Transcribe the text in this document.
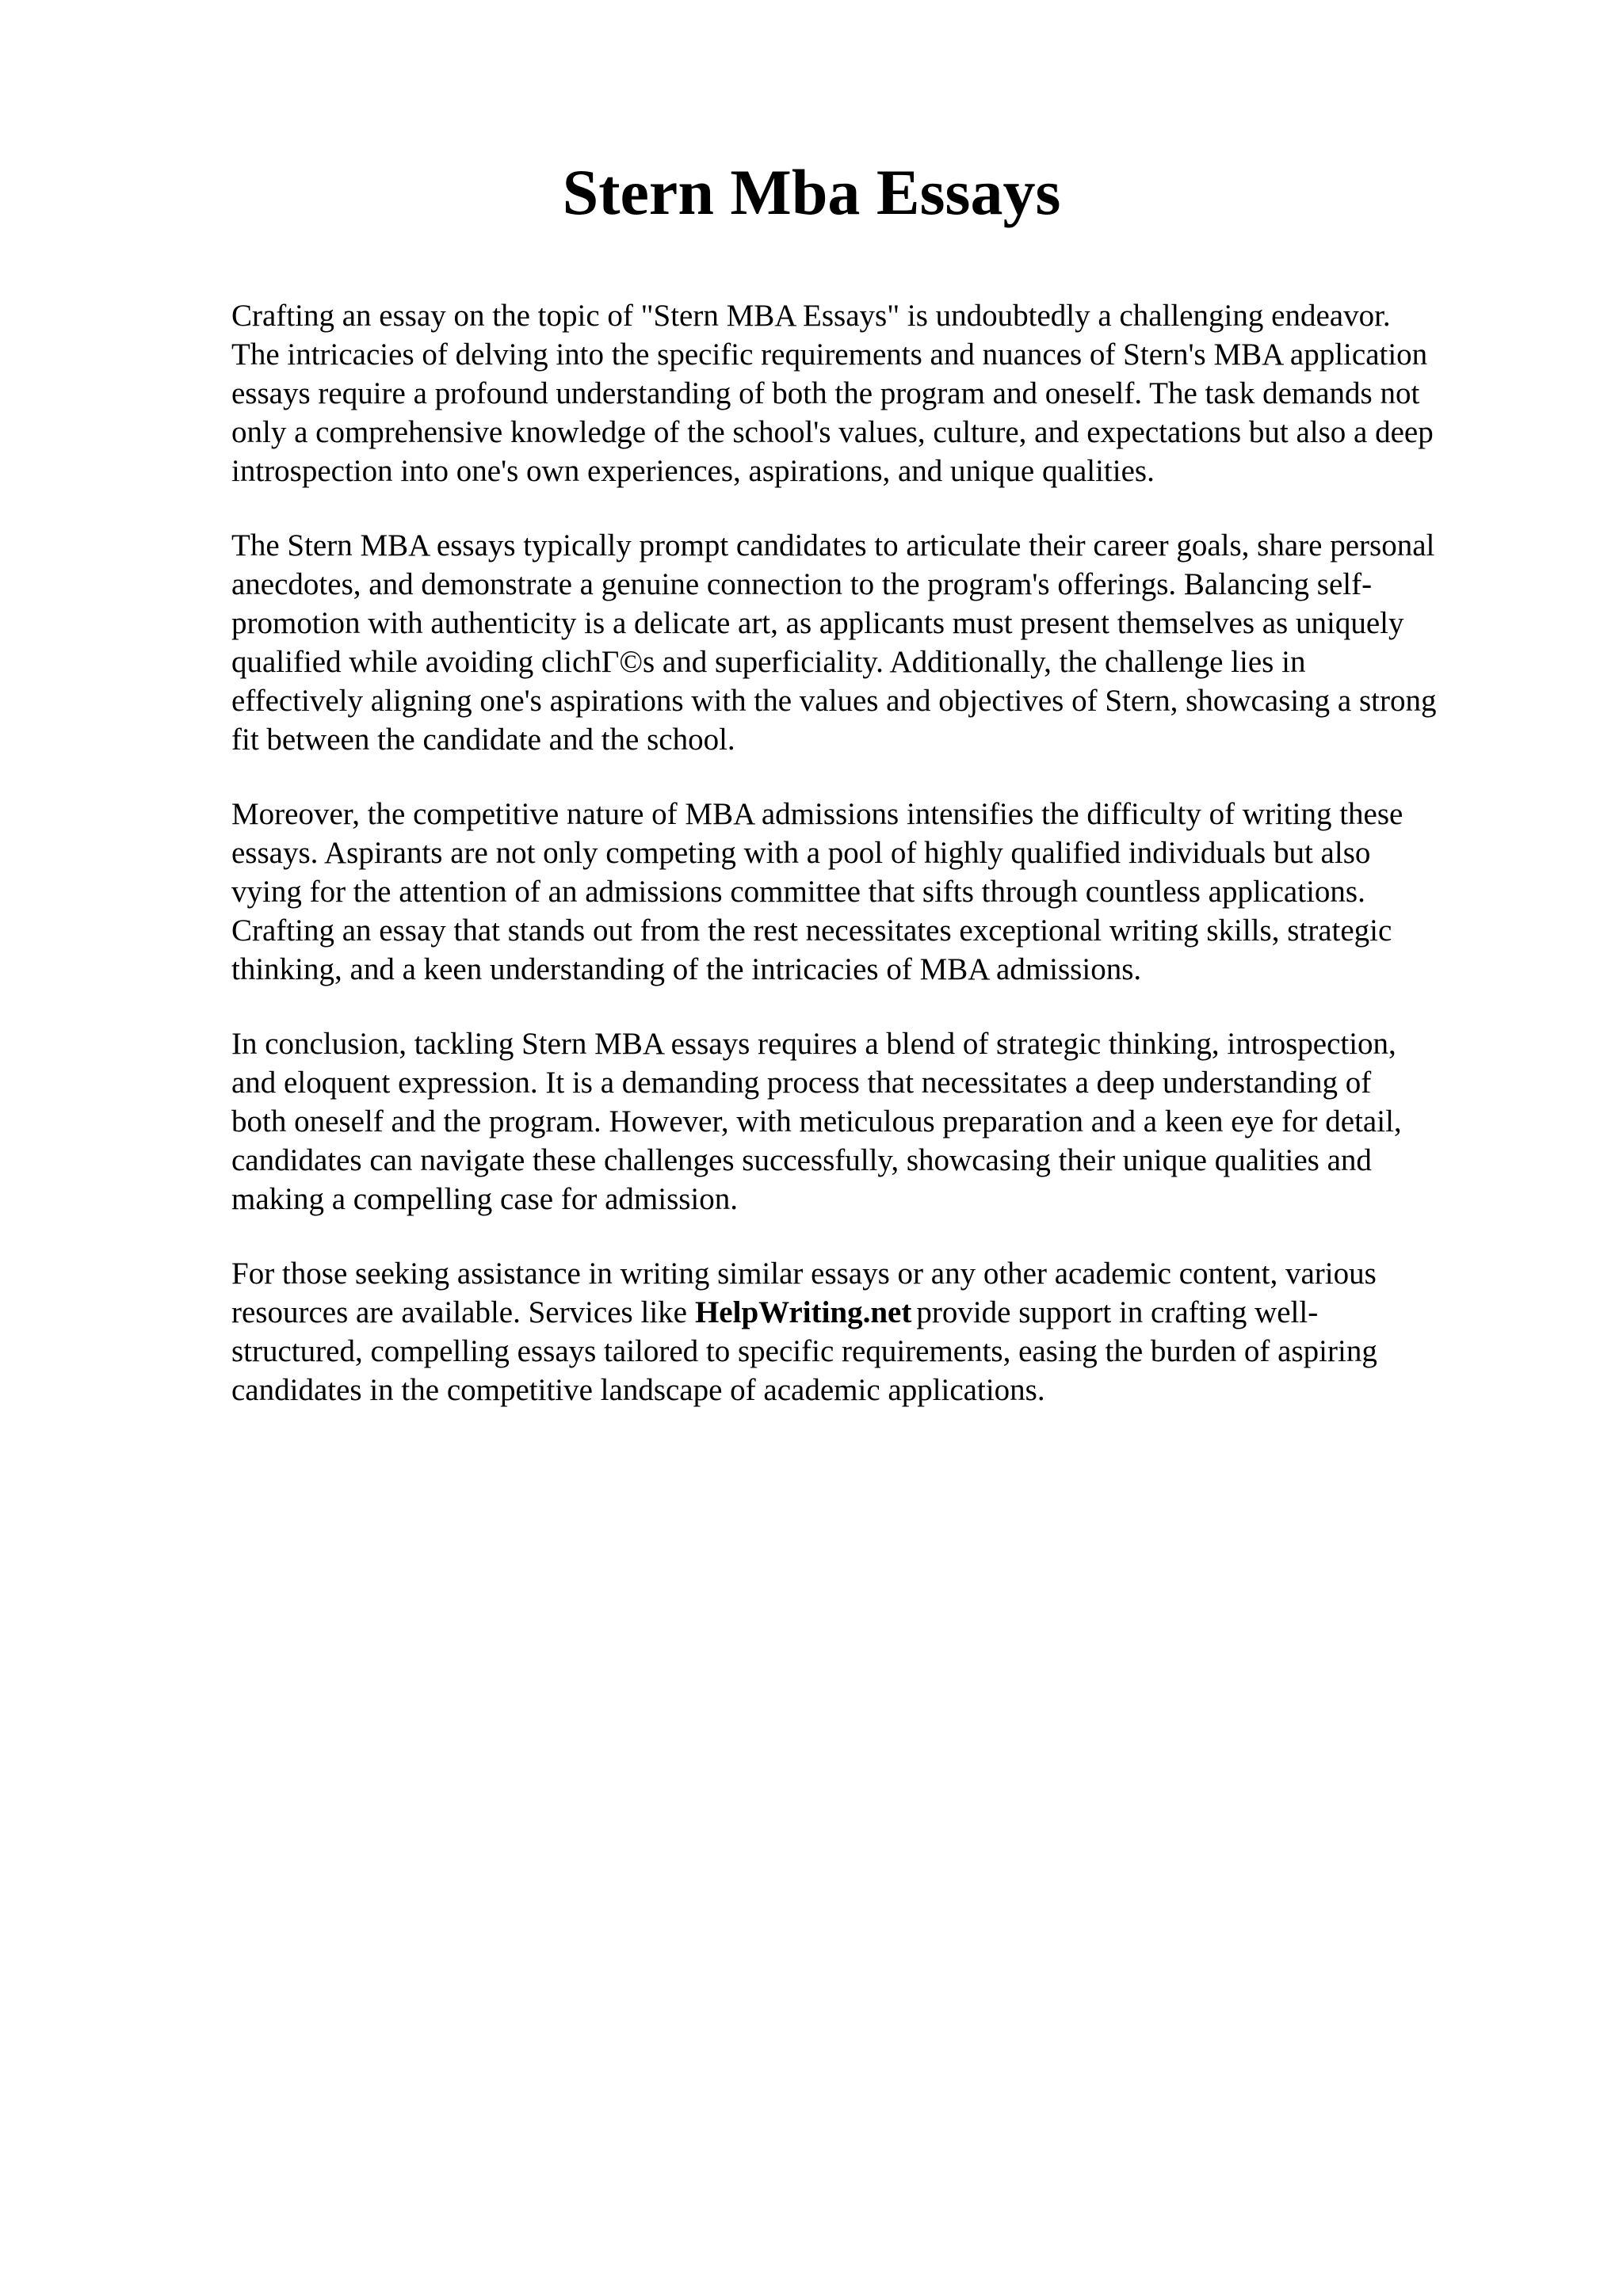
Stern Mba Essays

Crafting an essay on the topic of "Stern MBA Essays" is undoubtedly a challenging endeavor.
The intricacies of delving into the specific requirements and nuances of Stern's MBA application
essays require a profound understanding of both the program and oneself. The task demands not
only a comprehensive knowledge of the school's values, culture, and expectations but also a deep
introspection into one's own experiences, aspirations, and unique qualities.

The Stern MBA essays typically prompt candidates to articulate their career goals, share personal
anecdotes, and demonstrate a genuine connection to the program's offerings. Balancing self-
promotion with authenticity is a delicate art, as applicants must present themselves as uniquely
qualified while avoiding clichГ©s and superficiality. Additionally, the challenge lies in
effectively aligning one's aspirations with the values and objectives of Stern, showcasing a strong
fit between the candidate and the school.

Moreover, the competitive nature of MBA admissions intensifies the difficulty of writing these
essays. Aspirants are not only competing with a pool of highly qualified individuals but also
vying for the attention of an admissions committee that sifts through countless applications.
Crafting an essay that stands out from the rest necessitates exceptional writing skills, strategic
thinking, and a keen understanding of the intricacies of MBA admissions.

In conclusion, tackling Stern MBA essays requires a blend of strategic thinking, introspection,
and eloquent expression. It is a demanding process that necessitates a deep understanding of
both oneself and the program. However, with meticulous preparation and a keen eye for detail,
candidates can navigate these challenges successfully, showcasing their unique qualities and
making a compelling case for admission.

For those seeking assistance in writing similar essays or any other academic content, various
resources are available. Services like HelpWriting.net provide support in crafting well-
structured, compelling essays tailored to specific requirements, easing the burden of aspiring
candidates in the competitive landscape of academic applications.
